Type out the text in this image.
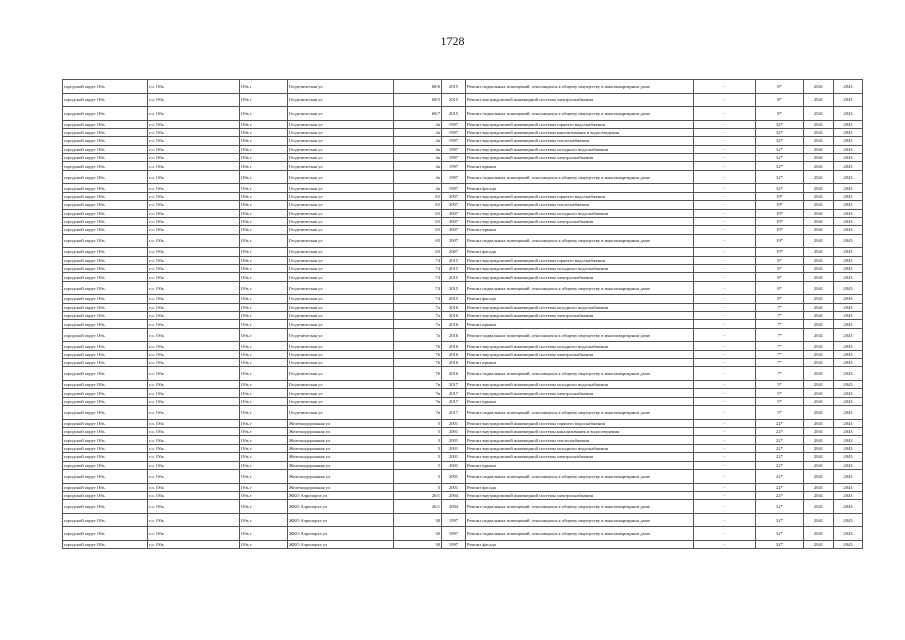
1728
городской округ Обь	г.о. Обь	Обь г	Геодезическая ул	68/6	2015	Ремонт подвальных помещений, относящихся к общему имуществу в многоквартирном доме	-	8*	2041	2043
городской округ Обь	г.о. Обь	Обь г	Геодезическая ул	68/5	2015	Ремонт внутридомовой инженерной системы электроснабжения	-	8*	2041	2043
городской округ Обь	г.о. Обь	Обь г	Геодезическая ул	68/7	2015	Ремонт подвальных помещений, относящихся к общему имуществу в многоквартирном доме	-	8*	2041	2043
городской округ Обь	г.о. Обь	Обь г	Геодезическая ул	4а	1997	Ремонт внутридомовой инженерной системы горячего водоснабжения	-	32*	2041	2043
городской округ Обь	г.о. Обь	Обь г	Геодезическая ул	4а	1997	Ремонт внутридомовой инженерной системы канализования и водоотведения	-	32*	2041	2043
городской округ Обь	г.о. Обь	Обь г	Геодезическая ул	4а	1997	Ремонт внутридомовой инженерной системы теплоснабжения	-	32*	2041	2043
городской округ Обь	г.о. Обь	Обь г	Геодезическая ул	4а	1997	Ремонт внутридомовой инженерной системы холодного водоснабжения	-	32*	2041	2043
городской округ Обь	г.о. Обь	Обь г	Геодезическая ул	4а	1997	Ремонт внутридомовой инженерной системы электроснабжения	-	32*	2041	2043
городской округ Обь	г.о. Обь	Обь г	Геодезическая ул	4а	1997	Ремонт крыши	-	32*	2041	2043
городской округ Обь	г.о. Обь	Обь г	Геодезическая ул	4а	1997	Ремонт подвальных помещений, относящихся к общему имуществу в многоквартирном доме	-	32*	2041	2043
городской округ Обь	г.о. Обь	Обь г	Геодезическая ул	4а	1997	Ремонт фасада	-	32*	2041	2043
городской округ Обь	г.о. Обь	Обь г	Геодезическая ул	65	2007	Ремонт внутридомовой инженерной системы горячего водоснабжения	-	19*	2041	2043
городской округ Обь	г.о. Обь	Обь г	Геодезическая ул	65	2007	Ремонт внутридомовой инженерной системы теплоснабжения	-	19*	2041	2043
городской округ Обь	г.о. Обь	Обь г	Геодезическая ул	65	2007	Ремонт внутридомовой инженерной системы холодного водоснабжения	-	19*	2041	2043
городской округ Обь	г.о. Обь	Обь г	Геодезическая ул	65	2007	Ремонт внутридомовой инженерной системы электроснабжения	-	19*	2041	2043
городской округ Обь	г.о. Обь	Обь г	Геодезическая ул	65	2007	Ремонт крыши	-	19*	2041	2043
городской округ Обь	г.о. Обь	Обь г	Геодезическая ул	65	2007	Ремонт подвальных помещений, относящихся к общему имуществу в многоквартирном доме	-	19*	2041	2043
городской округ Обь	г.о. Обь	Обь г	Геодезическая ул	65	2007	Ремонт фасада	-	19*	2041	2043
городской округ Обь	г.о. Обь	Обь г	Геодезическая ул	74	2015	Ремонт внутридомовой инженерной системы горячего водоснабжения	-	8*	2041	2043
городской округ Обь	г.о. Обь	Обь г	Геодезическая ул	74	2015	Ремонт внутридомовой инженерной системы холодного водоснабжения	-	8*	2041	2043
городской округ Обь	г.о. Обь	Обь г	Геодезическая ул	74	2015	Ремонт внутридомовой инженерной системы электроснабжения	-	8*	2041	2043
городской округ Обь	г.о. Обь	Обь г	Геодезическая ул	74	2015	Ремонт подвальных помещений, относящихся к общему имуществу в многоквартирном доме	-	8*	2041	2043
городской округ Обь	г.о. Обь	Обь г	Геодезическая ул	74	2015	Ремонт фасада	-	8*	2041	2043
городской округ Обь	г.о. Обь	Обь г	Геодезическая ул	7а	2016	Ремонт внутридомовой инженерной системы холодного водоснабжения	-	7*	2041	2043
городской округ Обь	г.о. Обь	Обь г	Геодезическая ул	7а	2016	Ремонт внутридомовой инженерной системы электроснабжения	-	7*	2041	2043
городской округ Обь	г.о. Обь	Обь г	Геодезическая ул	7а	2016	Ремонт крыши	-	7*	2041	2043
городской округ Обь	г.о. Обь	Обь г	Геодезическая ул	7а	2016	Ремонт подвальных помещений, относящихся к общему имуществу в многоквартирном доме	-	7*	2041	2043
городской округ Обь	г.о. Обь	Обь г	Геодезическая ул	76	2016	Ремонт внутридомовой инженерной системы холодного водоснабжения	-	7*	2041	2043
городской округ Обь	г.о. Обь	Обь г	Геодезическая ул	76	2016	Ремонт внутридомовой инженерной системы электроснабжения	-	7*	2041	2043
городской округ Обь	г.о. Обь	Обь г	Геодезическая ул	76	2016	Ремонт крыши	-	7*	2041	2043
городской округ Обь	г.о. Обь	Обь г	Геодезическая ул	76	2016	Ремонт подвальных помещений, относящихся к общему имуществу в многоквартирном доме	-	7*	2041	2043
городской округ Обь	г.о. Обь	Обь г	Геодезическая ул	7в	2017	Ремонт внутридомовой инженерной системы холодного водоснабжения	-	5*	2041	2043
городской округ Обь	г.о. Обь	Обь г	Геодезическая ул	7в	2017	Ремонт внутридомовой инженерной системы электроснабжения	-	5*	2041	2043
городской округ Обь	г.о. Обь	Обь г	Геодезическая ул	7в	2017	Ремонт крыши	-	5*	2041	2043
городской округ Обь	г.о. Обь	Обь г	Геодезическая ул	7в	2017	Ремонт подвальных помещений, относящихся к общему имуществу в многоквартирном доме	-	5*	2041	2043
городской округ Обь	г.о. Обь	Обь г	Железнодорожная ул	5	2001	Ремонт внутридомовой инженерной системы горячего водоснабжения	-	22*	2041	2043
городской округ Обь	г.о. Обь	Обь г	Железнодорожная ул	5	2001	Ремонт внутридомовой инженерной системы канализования и водоотведения	-	22*	2041	2043
городской округ Обь	г.о. Обь	Обь г	Железнодорожная ул	5	2001	Ремонт внутридомовой инженерной системы теплоснабжения	-	22*	2041	2043
городской округ Обь	г.о. Обь	Обь г	Железнодорожная ул	5	2001	Ремонт внутридомовой инженерной системы холодного водоснабжения	-	22*	2041	2043
городской округ Обь	г.о. Обь	Обь г	Железнодорожная ул	5	2001	Ремонт внутридомовой инженерной системы электроснабжения	-	22*	2041	2043
городской округ Обь	г.о. Обь	Обь г	Железнодорожная ул	5	2001	Ремонт крыши	-	22*	2041	2043
городской округ Обь	г.о. Обь	Обь г	Железнодорожная ул	5	2001	Ремонт подвальных помещений, относящихся к общему имуществу в многоквартирном доме	-	22*	2041	2043
городской округ Обь	г.о. Обь	Обь г	Железнодорожная ул	5	2001	Ремонт фасада	-	22*	2041	2043
городской округ Обь	г.о. Обь	Обь г	ЖКО Аэропорта ул	26/1	2004	Ремонт внутридомовой инженерной системы электроснабжения	-	22*	2041	2043
городской округ Обь	г.о. Обь	Обь г	ЖКО Аэропорта ул	26/1	2004	Ремонт подвальных помещений, относящихся к общему имуществу в многоквартирном доме	-	22*	2041	2043
городской округ Обь	г.о. Обь	Обь г	ЖКО Аэропорта ул	30	1997	Ремонт подвальных помещений, относящихся к общему имуществу в многоквартирном доме	-	32*	2041	2043
городской округ Обь	г.о. Обь	Обь г	ЖКО Аэропорта ул	30	1997	Ремонт подвальных помещений, относящихся к общему имуществу в многоквартирном доме	-	32*	2041	2043
городской округ Обь	г.о. Обь	Обь г	ЖКО Аэропорта ул	30	1997	Ремонт фасада	-	32*	2041	2043
